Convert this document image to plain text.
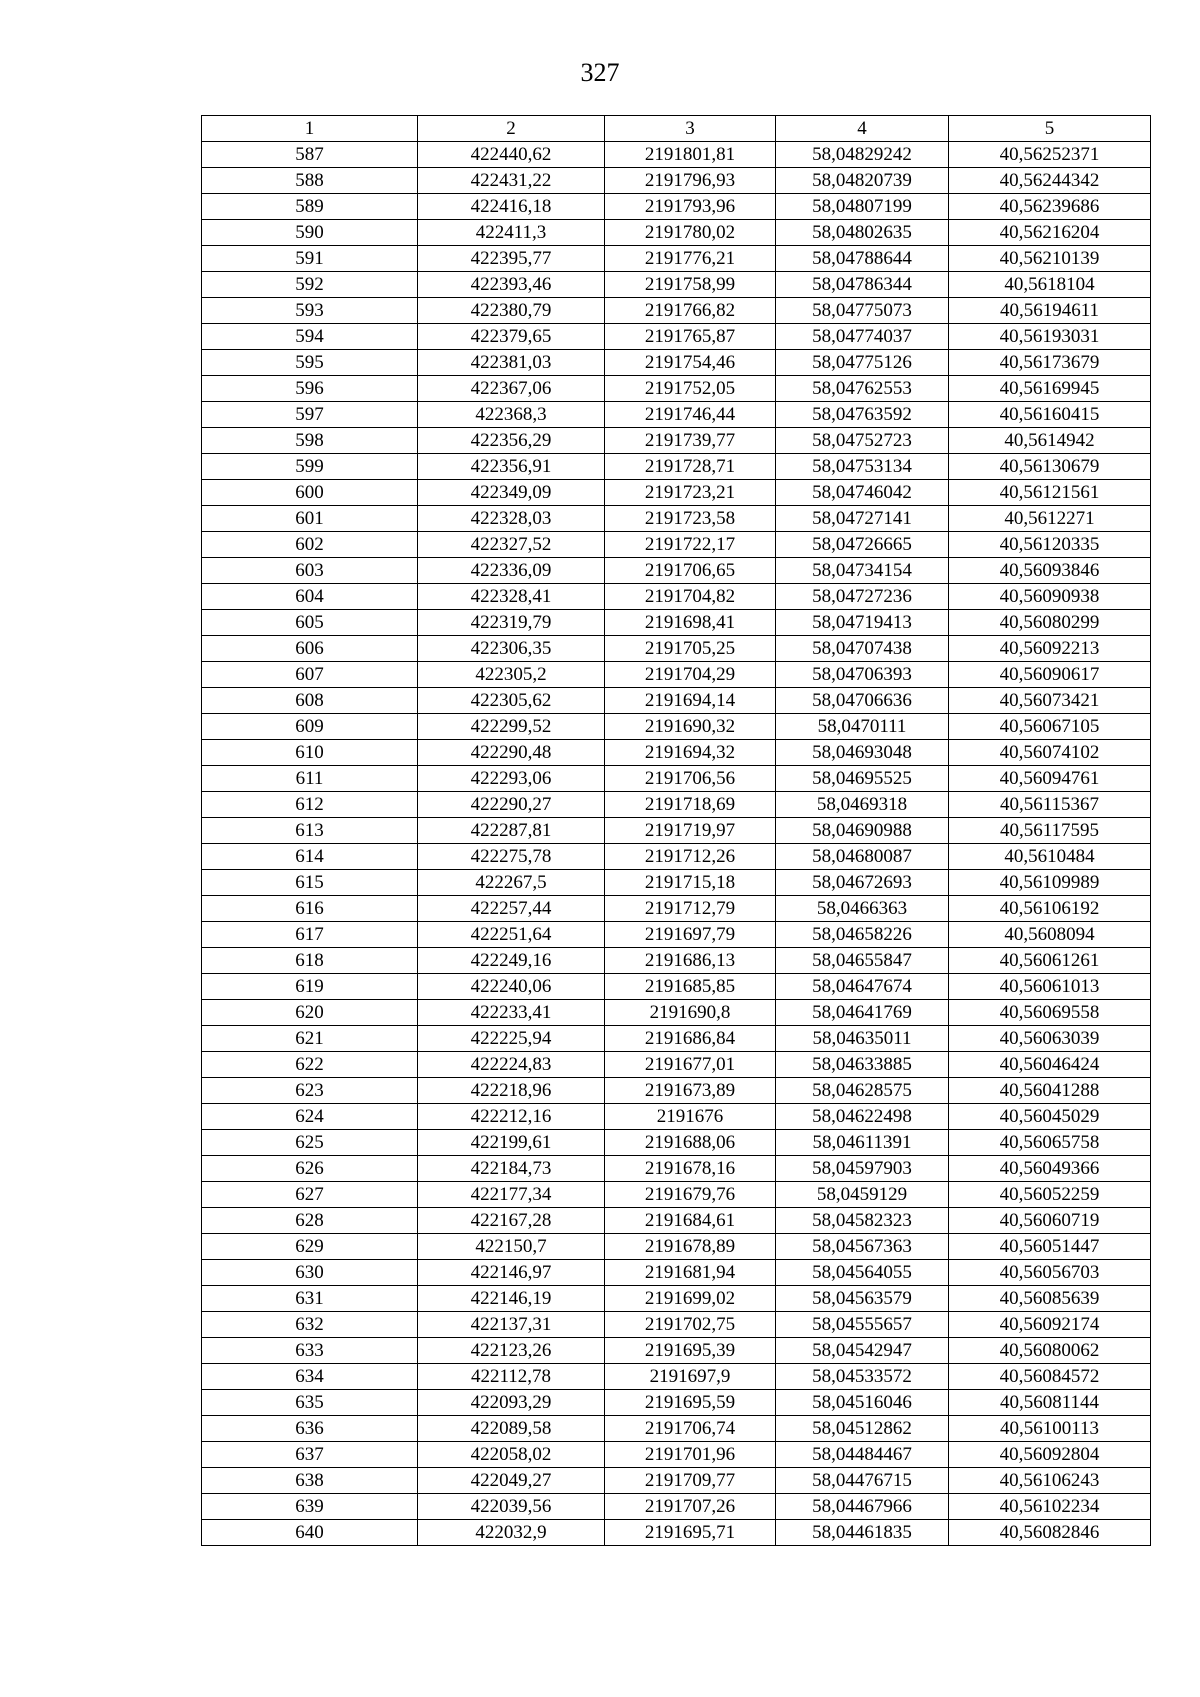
327
1	2	3	4	5
587	422440,62	2191801,81	58,04829242	40,56252371
588	422431,22	2191796,93	58,04820739	40,56244342
589	422416,18	2191793,96	58,04807199	40,56239686
590	422411,3	2191780,02	58,04802635	40,56216204
591	422395,77	2191776,21	58,04788644	40,56210139
592	422393,46	2191758,99	58,04786344	40,5618104
593	422380,79	2191766,82	58,04775073	40,56194611
594	422379,65	2191765,87	58,04774037	40,56193031
595	422381,03	2191754,46	58,04775126	40,56173679
596	422367,06	2191752,05	58,04762553	40,56169945
597	422368,3	2191746,44	58,04763592	40,56160415
598	422356,29	2191739,77	58,04752723	40,5614942
599	422356,91	2191728,71	58,04753134	40,56130679
600	422349,09	2191723,21	58,04746042	40,56121561
601	422328,03	2191723,58	58,04727141	40,5612271
602	422327,52	2191722,17	58,04726665	40,56120335
603	422336,09	2191706,65	58,04734154	40,56093846
604	422328,41	2191704,82	58,04727236	40,56090938
605	422319,79	2191698,41	58,04719413	40,56080299
606	422306,35	2191705,25	58,04707438	40,56092213
607	422305,2	2191704,29	58,04706393	40,56090617
608	422305,62	2191694,14	58,04706636	40,56073421
609	422299,52	2191690,32	58,0470111	40,56067105
610	422290,48	2191694,32	58,04693048	40,56074102
611	422293,06	2191706,56	58,04695525	40,56094761
612	422290,27	2191718,69	58,0469318	40,56115367
613	422287,81	2191719,97	58,04690988	40,56117595
614	422275,78	2191712,26	58,04680087	40,5610484
615	422267,5	2191715,18	58,04672693	40,56109989
616	422257,44	2191712,79	58,0466363	40,56106192
617	422251,64	2191697,79	58,04658226	40,5608094
618	422249,16	2191686,13	58,04655847	40,56061261
619	422240,06	2191685,85	58,04647674	40,56061013
620	422233,41	2191690,8	58,04641769	40,56069558
621	422225,94	2191686,84	58,04635011	40,56063039
622	422224,83	2191677,01	58,04633885	40,56046424
623	422218,96	2191673,89	58,04628575	40,56041288
624	422212,16	2191676	58,04622498	40,56045029
625	422199,61	2191688,06	58,04611391	40,56065758
626	422184,73	2191678,16	58,04597903	40,56049366
627	422177,34	2191679,76	58,0459129	40,56052259
628	422167,28	2191684,61	58,04582323	40,56060719
629	422150,7	2191678,89	58,04567363	40,56051447
630	422146,97	2191681,94	58,04564055	40,56056703
631	422146,19	2191699,02	58,04563579	40,56085639
632	422137,31	2191702,75	58,04555657	40,56092174
633	422123,26	2191695,39	58,04542947	40,56080062
634	422112,78	2191697,9	58,04533572	40,56084572
635	422093,29	2191695,59	58,04516046	40,56081144
636	422089,58	2191706,74	58,04512862	40,56100113
637	422058,02	2191701,96	58,04484467	40,56092804
638	422049,27	2191709,77	58,04476715	40,56106243
639	422039,56	2191707,26	58,04467966	40,56102234
640	422032,9	2191695,71	58,04461835	40,56082846
